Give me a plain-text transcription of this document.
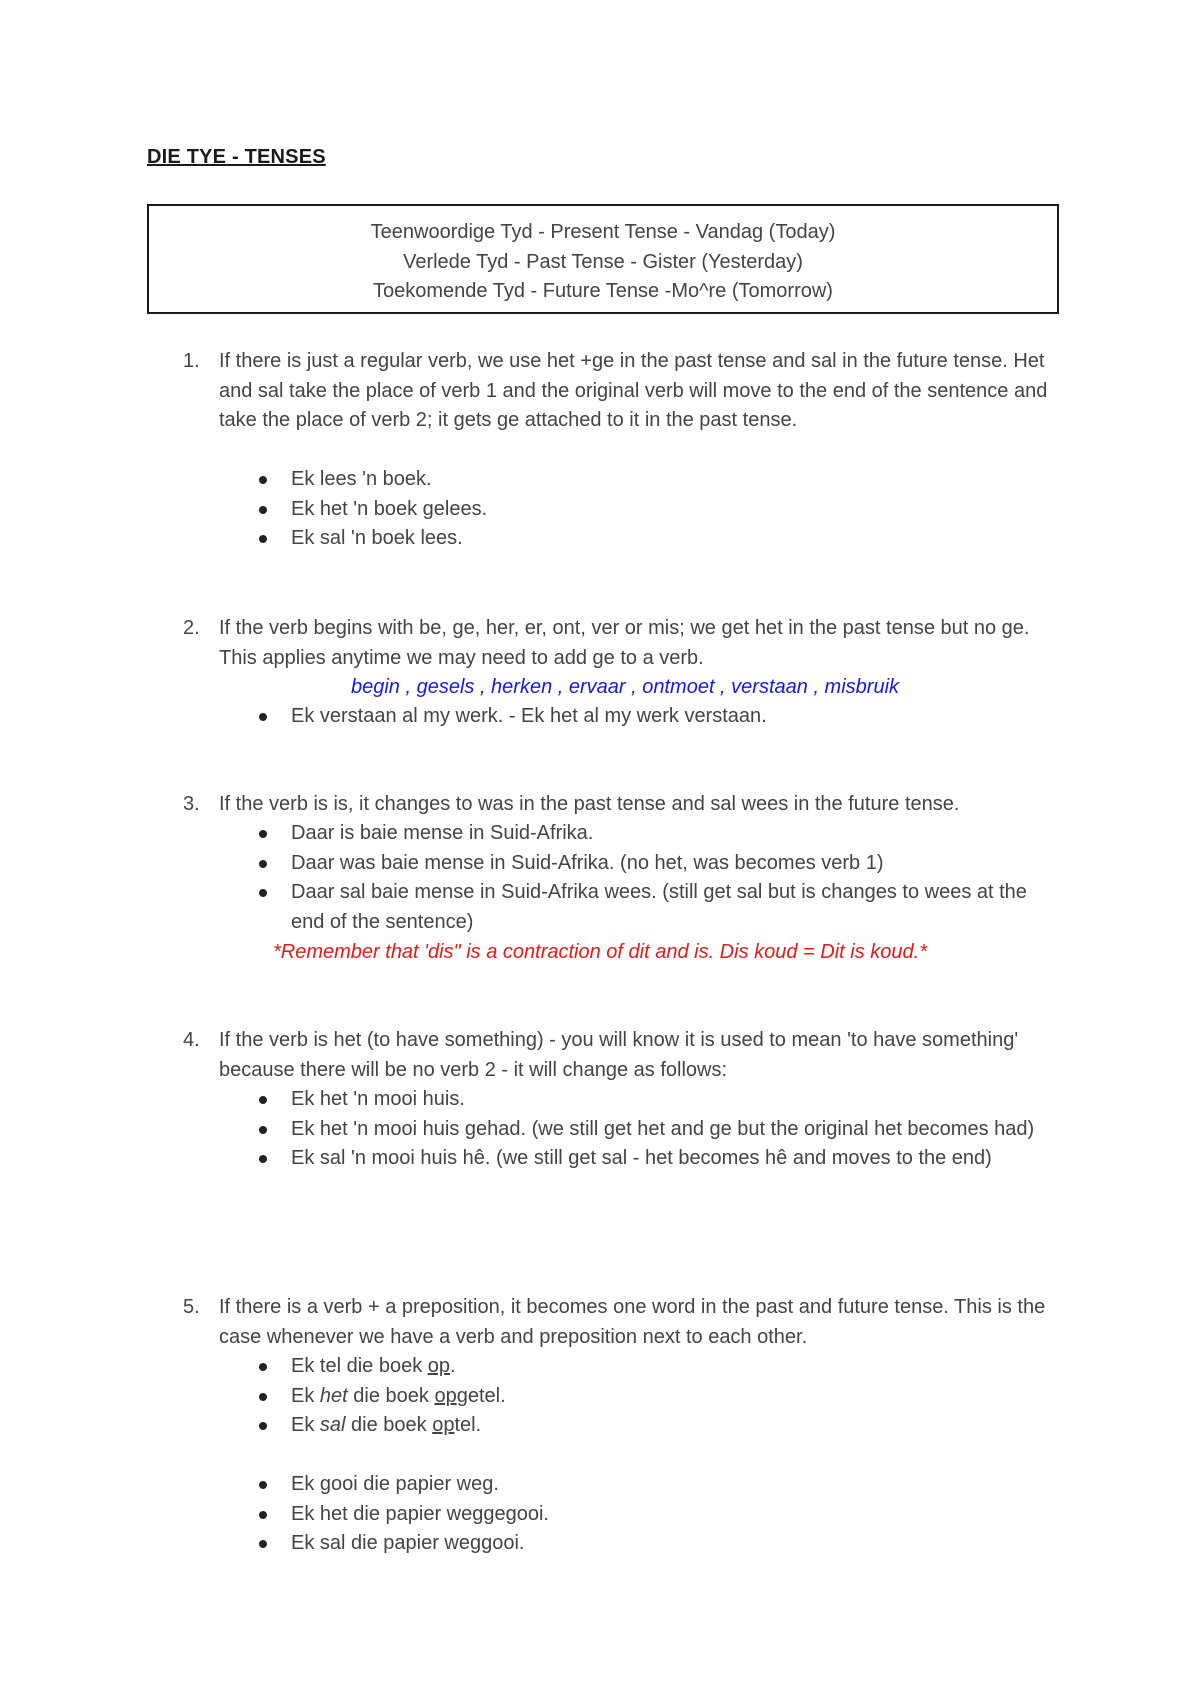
DIE TYE - TENSES
Teenwoordige Tyd - Present Tense - Vandag (Today)
Verlede Tyd - Past Tense - Gister (Yesterday)
Toekomende Tyd - Future Tense -Mo^re (Tomorrow)
1. If there is just a regular verb, we use het +ge in the past tense and sal in the future tense. Het and sal take the place of verb 1 and the original verb will move to the end of the sentence and take the place of verb 2; it gets ge attached to it in the past tense.
Ek lees 'n boek.
Ek het 'n boek gelees.
Ek sal 'n boek lees.
2. If the verb begins with be, ge, her, er, ont, ver or mis; we get het in the past tense but no ge. This applies anytime we may need to add ge to a verb.
begin , gesels , herken , ervaar , ontmoet , verstaan , misbruik
Ek verstaan al my werk. - Ek het al my werk verstaan.
3. If the verb is is, it changes to was in the past tense and sal wees in the future tense.
Daar is baie mense in Suid-Afrika.
Daar was baie mense in Suid-Afrika. (no het, was becomes verb 1)
Daar sal baie mense in Suid-Afrika wees. (still get sal but is changes to wees at the end of the sentence)
*Remember that 'dis" is a contraction of dit and is. Dis koud = Dit is koud.*
4. If the verb is het (to have something) - you will know it is used to mean 'to have something' because there will be no verb 2 - it will change as follows:
Ek het 'n mooi huis.
Ek het 'n mooi huis gehad. (we still get het and ge but the original het becomes had)
Ek sal 'n mooi huis hê. (we still get sal - het becomes hê and moves to the end)
5. If there is a verb + a preposition, it becomes one word in the past and future tense. This is the case whenever we have a verb and preposition next to each other.
Ek tel die boek op.
Ek het die boek opgetel.
Ek sal die boek optel.
Ek gooi die papier weg.
Ek het die papier weggegooi.
Ek sal die papier weggooi.
